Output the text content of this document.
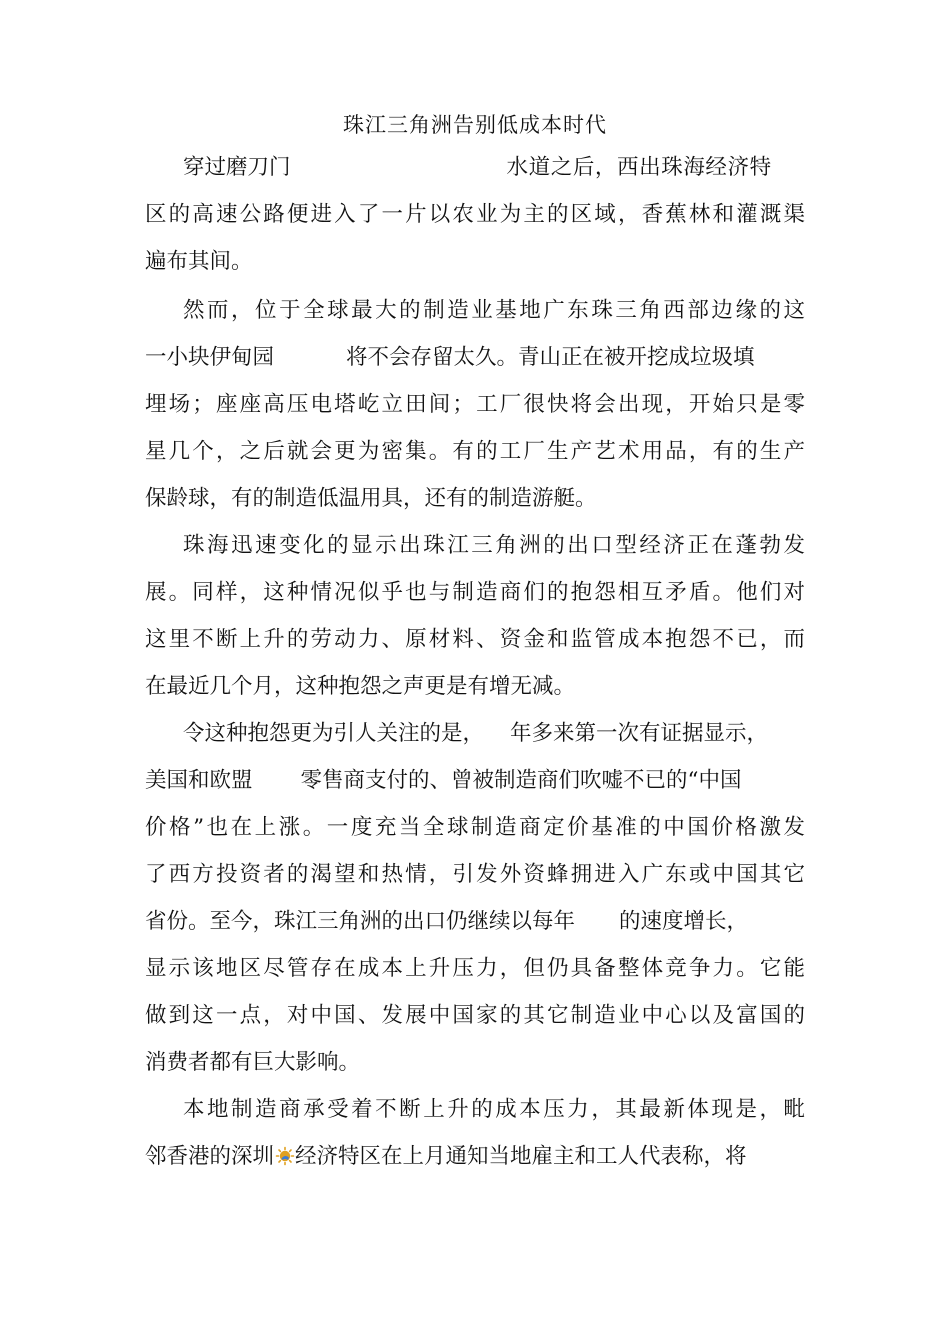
珠江三角洲告别低成本时代
穿过磨刀门	水道之后，西出珠海经济特
区的高速公路便进入了一片以农业为主的区域，香蕉林和灌溉渠
遍布其间。
然而，位于全球最大的制造业基地广东珠三角西部边缘的这
一小块伊甸园	将不会存留太久。青山正在被开挖成垃圾填
埋场；座座高压电塔屹立田间；工厂很快将会出现，开始只是零
星几个，之后就会更为密集。有的工厂生产艺术用品，有的生产
保龄球，有的制造低温用具，还有的制造游艇。
珠海迅速变化的显示出珠江三角洲的出口型经济正在蓬勃发
展。同样，这种情况似乎也与制造商们的抱怨相互矛盾。他们对
这里不断上升的劳动力、原材料、资金和监管成本抱怨不已，而
在最近几个月，这种抱怨之声更是有增无减。
令这种抱怨更为引人关注的是， 年多来第一次有证据显示，
美国和欧盟 零售商支付的、曾被制造商们吹嘘不已的“中国
价格”也在上涨。一度充当全球制造商定价基准的中国价格激发
了西方投资者的渴望和热情，引发外资蜂拥进入广东或中国其它
省份。至今，珠江三角洲的出口仍继续以每年 的速度增长，
显示该地区尽管存在成本上升压力，但仍具备整体竞争力。它能
做到这一点，对中国、发展中国家的其它制造业中心以及富国的
消费者都有巨大影响。
本地制造商承受着不断上升的成本压力，其最新体现是，毗
邻香港的深圳 经济特区在上月通知当地雇主和工人代表称，将
